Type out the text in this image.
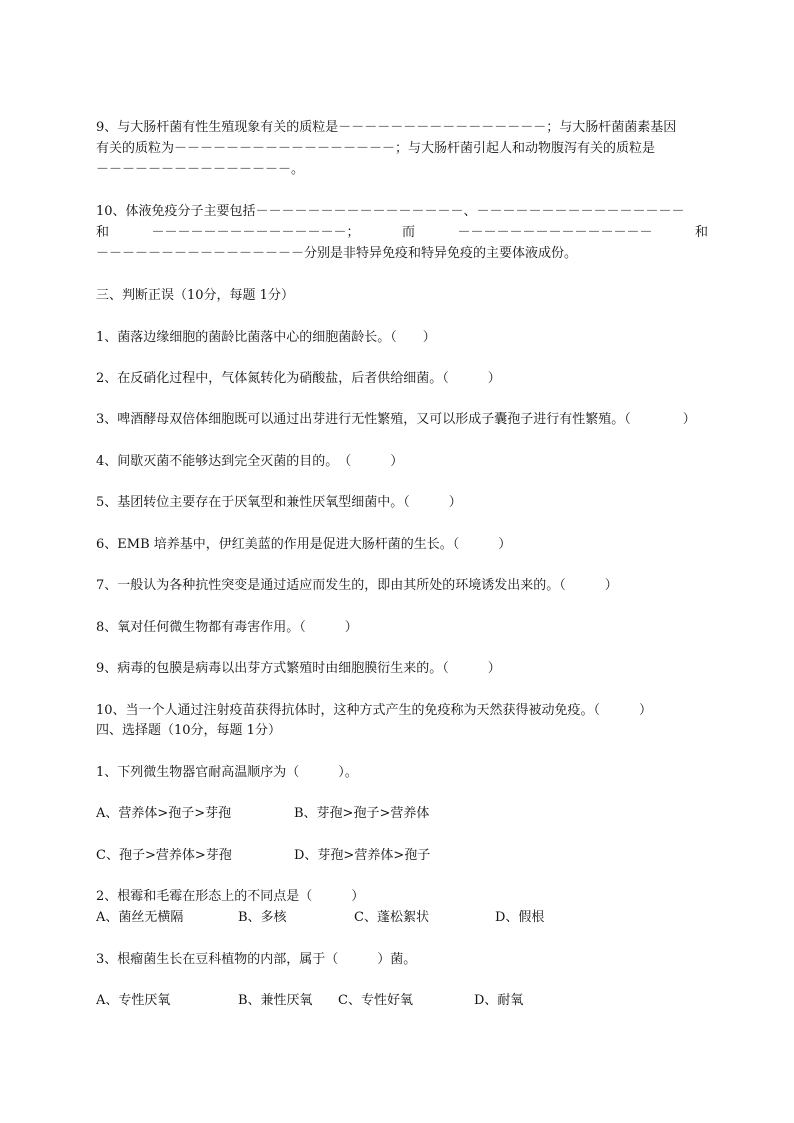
9、与大肠杆菌有性生殖现象有关的质粒是－－－－－－－－－－－－－－－－；与大肠杆菌菌素基因
有关的质粒为－－－－－－－－－－－－－－－－－；与大肠杆菌引起人和动物腹泻有关的质粒是
－－－－－－－－－－－－－－－。
10、体液免疫分子主要包括－－－－－－－－－－－－－－－－、－－－－－－－－－－－－－－－－
和	－－－－－－－－－－－－－－－；	而	－－－－－－－－－－－－－－－	和
－－－－－－－－－－－－－－－－分别是非特异免疫和特异免疫的主要体液成份。
三、判断正误（10分，每题 1分）
1、菌落边缘细胞的菌龄比菌落中心的细胞菌龄长。（　　）
2、在反硝化过程中，气体氮转化为硝酸盐，后者供给细菌。（　　　）
3、啤酒酵母双倍体细胞既可以通过出芽进行无性繁殖，又可以形成子囊孢子进行有性繁殖。（　　　　）
4、间歇灭菌不能够达到完全灭菌的目的。　（　　　）
5、基团转位主要存在于厌氧型和兼性厌氧型细菌中。（　　　）
6、EMB 培养基中，伊红美蓝的作用是促进大肠杆菌的生长。（　　　）
7、一般认为各种抗性突变是通过适应而发生的，即由其所处的环境诱发出来的。（　　　）
8、氧对任何微生物都有毒害作用。（　　　）
9、病毒的包膜是病毒以出芽方式繁殖时由细胞膜衍生来的。（　　　）
10、当一个人通过注射疫苗获得抗体时，这种方式产生的免疫称为天然获得被动免疫。（　　　）
四、选择题（10分，每题 1分）
1、下列微生物器官耐高温顺序为（　　　）。
A、营养体>孢子>芽孢	B、芽孢>孢子>营养体
C、孢子>营养体>芽孢	D、芽孢>营养体>孢子
2、根霉和毛霉在形态上的不同点是（　　　）
A、菌丝无横隔	B、多核	C、蓬松絮状	D、假根
3、根瘤菌生长在豆科植物的内部，属于（　　　）菌。
A、专性厌氧	B、兼性厌氧 C、专性好氧	D、耐氧
